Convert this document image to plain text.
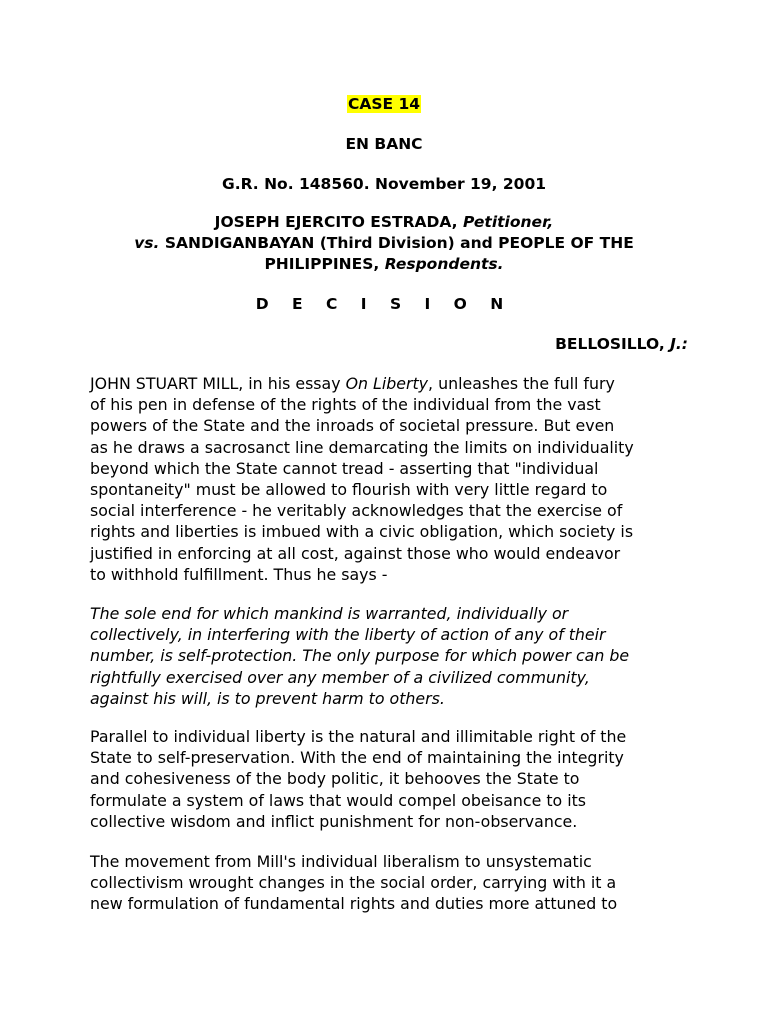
CASE 14
EN BANC
G.R. No. 148560. November 19, 2001
JOSEPH EJERCITO ESTRADA, Petitioner,
vs. SANDIGANBAYAN (Third Division) and PEOPLE OF THE
PHILIPPINES, Respondents.
D E C I S I O N
BELLOSILLO, J.:
JOHN STUART MILL, in his essay On Liberty, unleashes the full fury
of his pen in defense of the rights of the individual from the vast
powers of the State and the inroads of societal pressure. But even
as he draws a sacrosanct line demarcating the limits on individuality
beyond which the State cannot tread - asserting that "individual
spontaneity" must be allowed to flourish with very little regard to
social interference - he veritably acknowledges that the exercise of
rights and liberties is imbued with a civic obligation, which society is
justified in enforcing at all cost, against those who would endeavor
to withhold fulfillment. Thus he says -
The sole end for which mankind is warranted, individually or
collectively, in interfering with the liberty of action of any of their
number, is self-protection. The only purpose for which power can be
rightfully exercised over any member of a civilized community,
against his will, is to prevent harm to others.
Parallel to individual liberty is the natural and illimitable right of the
State to self-preservation. With the end of maintaining the integrity
and cohesiveness of the body politic, it behooves the State to
formulate a system of laws that would compel obeisance to its
collective wisdom and inflict punishment for non-observance.
The movement from Mill's individual liberalism to unsystematic
collectivism wrought changes in the social order, carrying with it a
new formulation of fundamental rights and duties more attuned to
